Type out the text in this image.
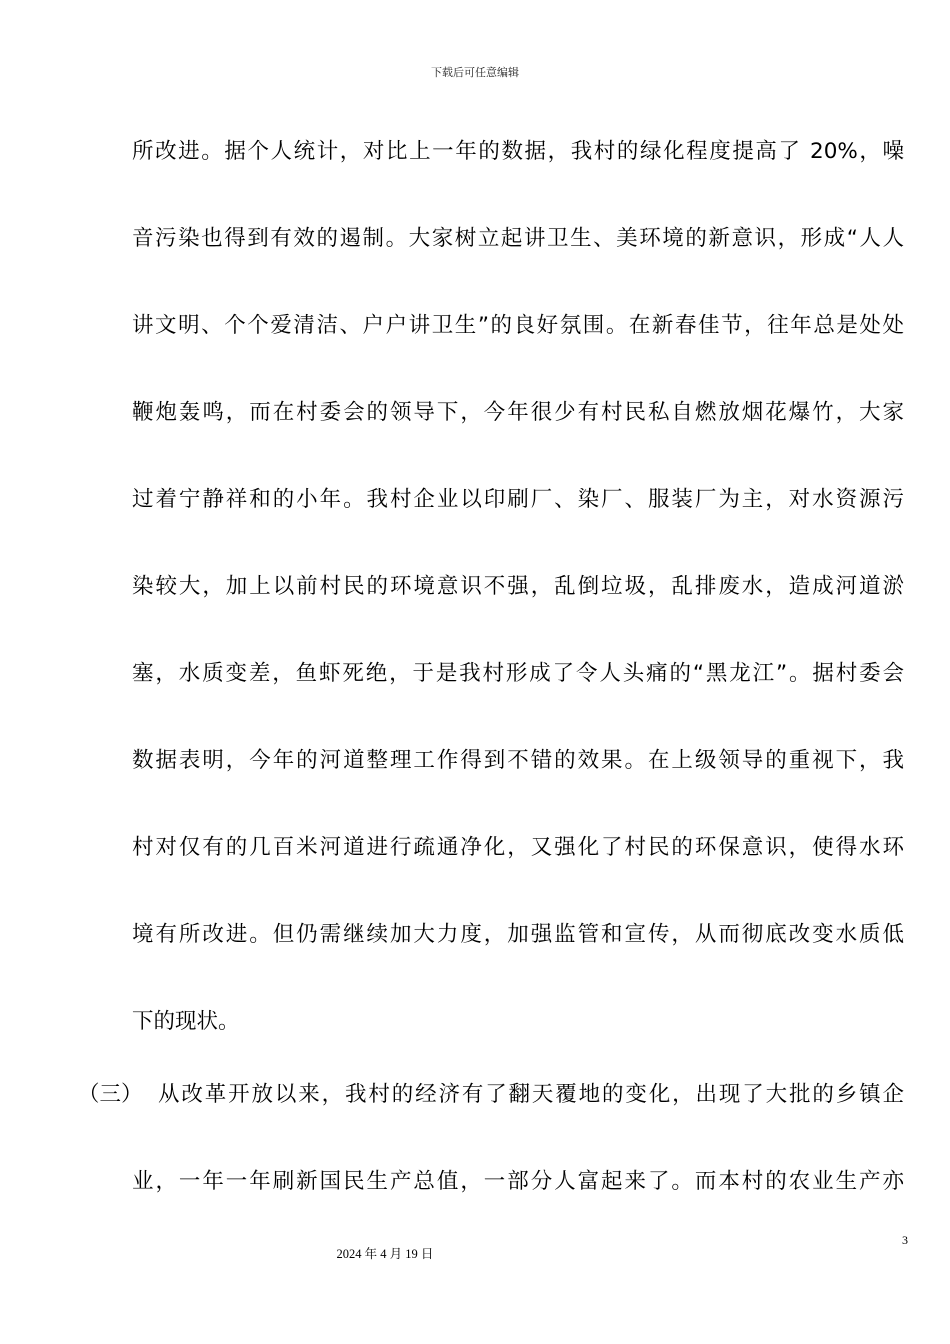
下载后可任意编辑
所改进。据个人统计，对比上一年的数据，我村的绿化程度提高了 20%，噪
音污染也得到有效的遏制。大家树立起讲卫生、美环境的新意识，形成“人人
讲文明、个个爱清洁、户户讲卫生”的良好氛围。在新春佳节，往年总是处处
鞭炮轰鸣，而在村委会的领导下，今年很少有村民私自燃放烟花爆竹，大家
过着宁静祥和的小年。我村企业以印刷厂、染厂、服装厂为主，对水资源污
染较大，加上以前村民的环境意识不强，乱倒垃圾，乱排废水，造成河道淤
塞，水质变差，鱼虾死绝，于是我村形成了令人头痛的“黑龙江”。据村委会
数据表明，今年的河道整理工作得到不错的效果。在上级领导的重视下，我
村对仅有的几百米河道进行疏通净化，又强化了村民的环保意识，使得水环
境有所改进。但仍需继续加大力度，加强监管和宣传，从而彻底改变水质低
下的现状。
（三） 从改革开放以来，我村的经济有了翻天覆地的变化，出现了大批的乡镇企
业，一年一年刷新国民生产总值，一部分人富起来了。而本村的农业生产亦
3
2024 年 4 月 19 日
